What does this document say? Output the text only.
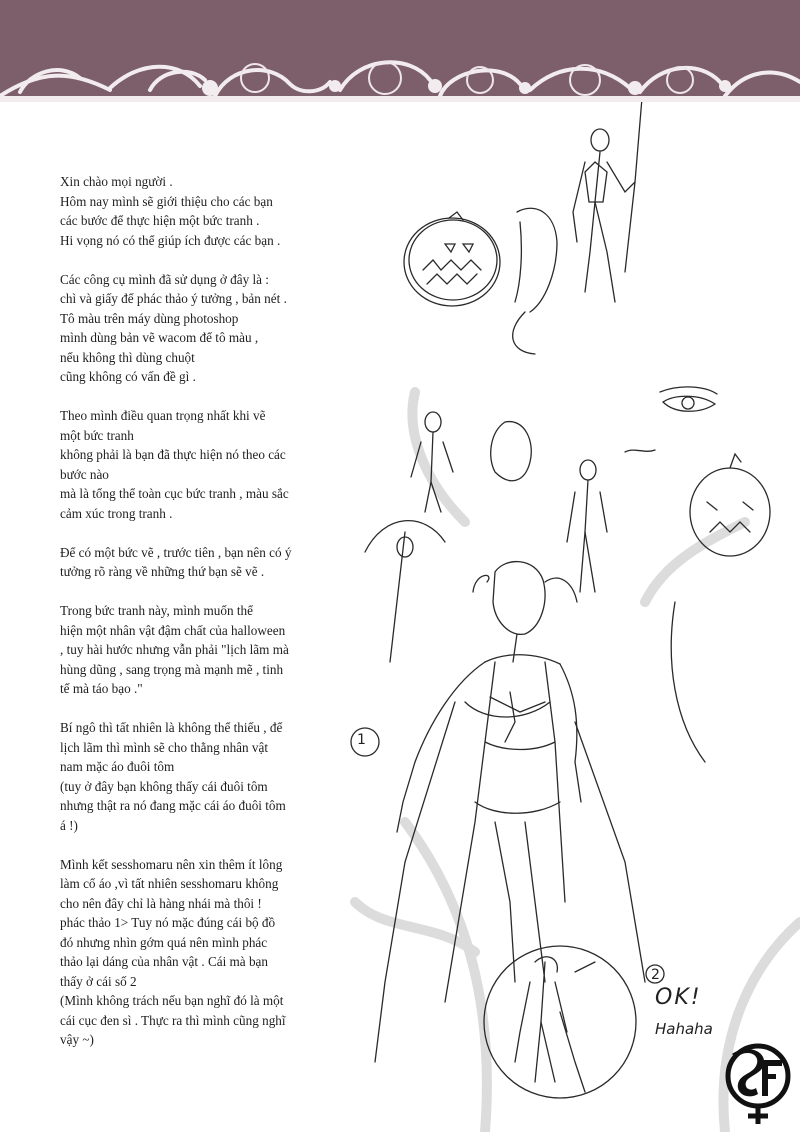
Xin chào mọi người .
Hôm nay mình sẽ giới thiệu cho các bạn
các bước để thực hiện một bức tranh .
Hi vọng nó có thể giúp ích được các bạn .
Các công cụ mình đã sử dụng ở đây là :
chì và giấy để phác thảo ý tưởng , bản nét .
Tô màu trên máy dùng photoshop
mình dùng bản vẽ wacom để tô màu ,
nếu không thì dùng chuột
cũng không có vấn đề gì .
Theo mình điều quan trọng nhất khi vẽ
một bức tranh
không phải là bạn đã thực hiện nó theo các
bước nào
mà là tổng thể toàn cục bức tranh , màu sắc
cảm xúc trong tranh .
Để có một bức vẽ , trước tiên , bạn nên có ý
tưởng rõ ràng về những thứ bạn sẽ vẽ .
Trong bức tranh này, mình muốn thể
hiện một nhân vật đậm chất của halloween
, tuy hài hước nhưng vẫn phải "lịch lãm mà
hùng dũng , sang trọng mà mạnh mẽ , tinh
tế mà táo bạo ."
Bí ngô thì tất nhiên là không thể thiếu , để
lịch lãm thì mình sẽ cho thằng nhân vật
nam mặc áo đuôi tôm
(tuy ở đây bạn không thấy cái đuôi tôm
nhưng thật ra nó đang mặc cái áo đuôi tôm
á !)
Mình kết sesshomaru nên xin thêm ít lông
làm cổ áo ,vì tất nhiên sesshomaru không
cho nên đây chỉ là hàng nhái mà thôi !
phác thảo 1> Tuy nó mặc đúng cái bộ đồ
đó nhưng nhìn gớm quá nên mình phác
thảo lại dáng của nhân vật . Cái mà bạn
thấy ở cái số 2
(Mình không trách nếu bạn nghĩ đó là một
cái cục đen sì . Thực ra thì mình cũng nghĩ
vậy ~)
1
2
OK!
Hahaha
